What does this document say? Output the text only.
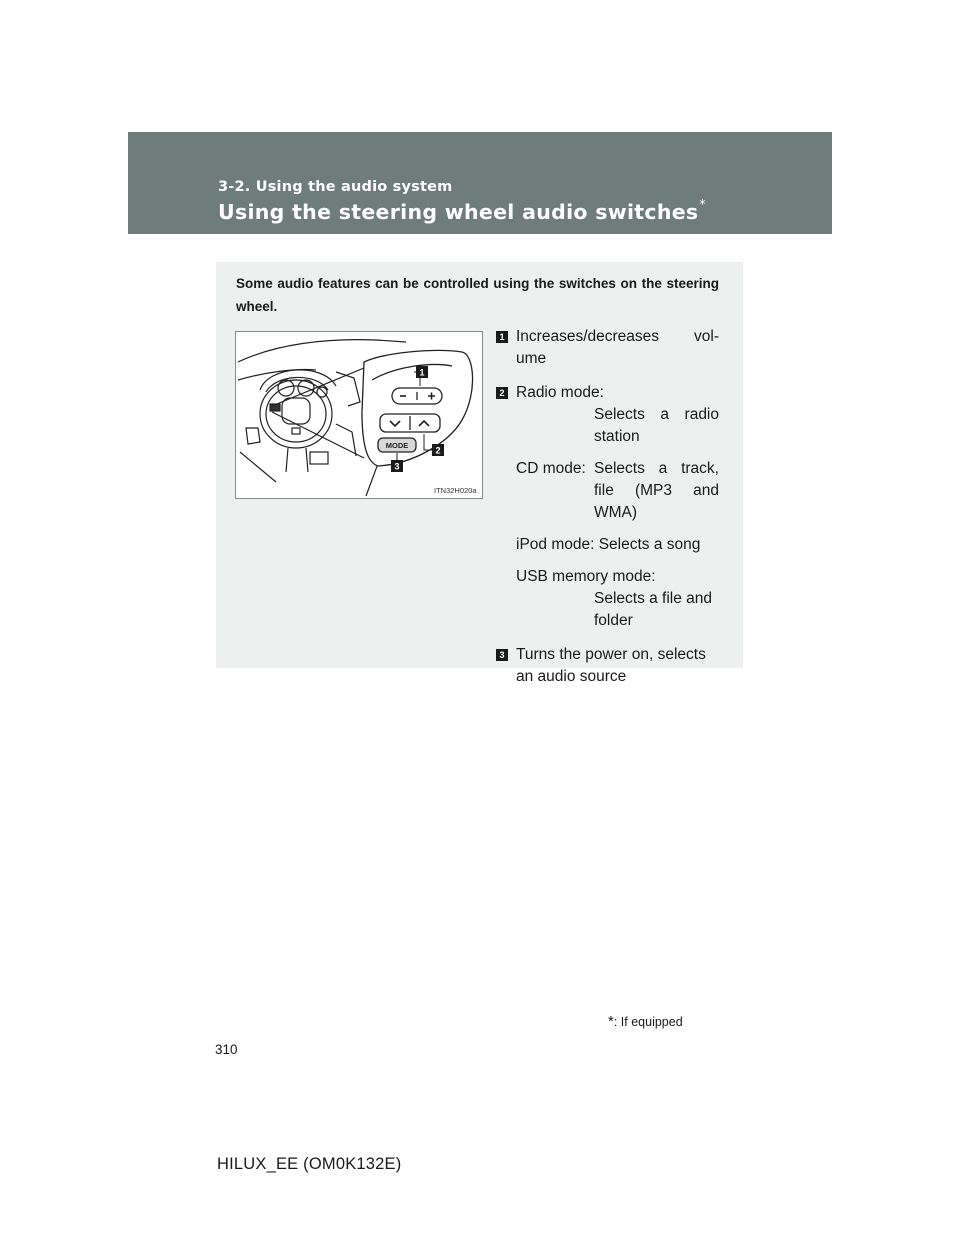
3-2. Using the audio system
Using the steering wheel audio switches*

Some audio features can be controlled using the switches on the steering wheel.

MODE
1
2
3
ITN32H020a
1 Increases/decreases vol-
ume
2 Radio mode:

Selects a radio
station
CD mode: Selects a track,
file (MP3 and
WMA)
iPod mode: Selects a song
USB memory mode:
Selects a file and
folder
3 Turns the power on, selects
an audio source
*: If equipped
310
HILUX_EE (OM0K132E)
